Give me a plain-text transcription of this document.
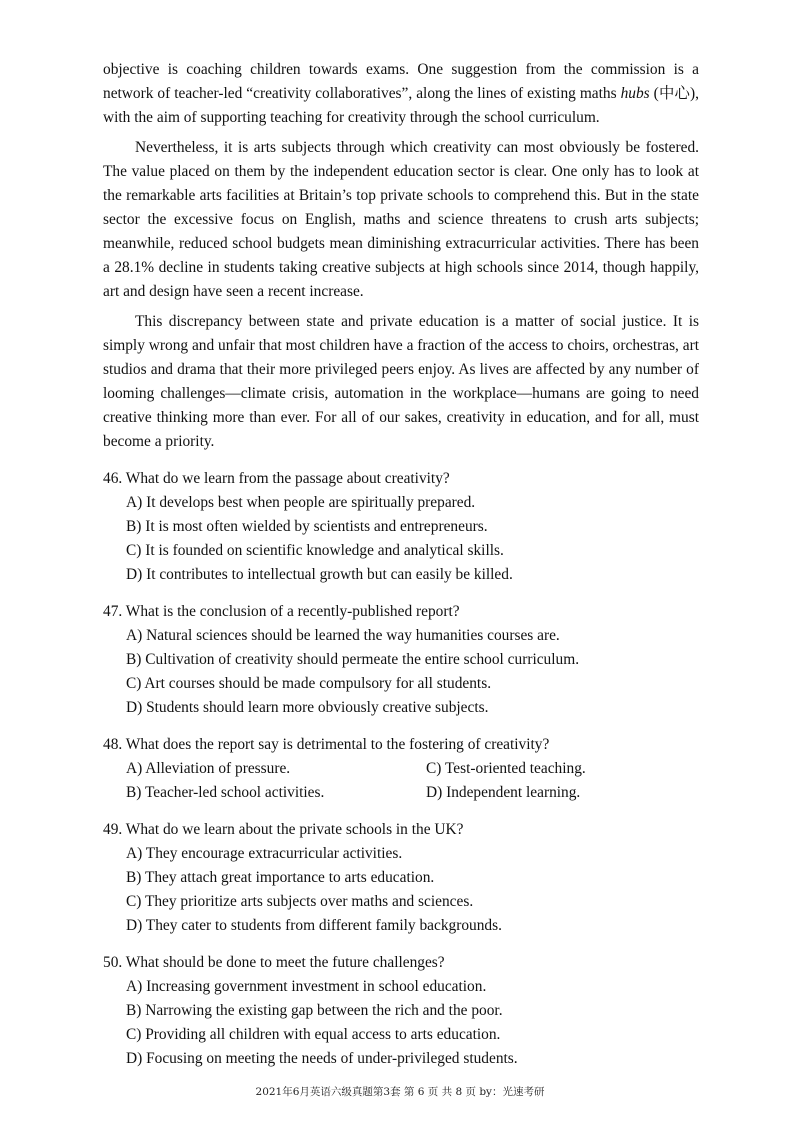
objective is coaching children towards exams. One suggestion from the commission is a network of teacher-led “creativity collaboratives”, along the lines of existing maths hubs (中心), with the aim of supporting teaching for creativity through the school curriculum.

Nevertheless, it is arts subjects through which creativity can most obviously be fostered. The value placed on them by the independent education sector is clear. One only has to look at the remarkable arts facilities at Britain’s top private schools to comprehend this. But in the state sector the excessive focus on English, maths and science threatens to crush arts subjects; meanwhile, reduced school budgets mean diminishing extracurricular activities. There has been a 28.1% decline in students taking creative subjects at high schools since 2014, though happily, art and design have seen a recent increase.

This discrepancy between state and private education is a matter of social justice. It is simply wrong and unfair that most children have a fraction of the access to choirs, orchestras, art studios and drama that their more privileged peers enjoy. As lives are affected by any number of looming challenges—climate crisis, automation in the workplace—humans are going to need creative thinking more than ever. For all of our sakes, creativity in education, and for all, must become a priority.

46. What do we learn from the passage about creativity?

A) It develops best when people are spiritually prepared.

B) It is most often wielded by scientists and entrepreneurs.

C) It is founded on scientific knowledge and analytical skills.

D) It contributes to intellectual growth but can easily be killed.

47. What is the conclusion of a recently-published report?

A) Natural sciences should be learned the way humanities courses are.

B) Cultivation of creativity should permeate the entire school curriculum.

C) Art courses should be made compulsory for all students.

D) Students should learn more obviously creative subjects.

48. What does the report say is detrimental to the fostering of creativity?

A) Alleviation of pressure.	C) Test-oriented teaching.

B) Teacher-led school activities.	D) Independent learning.

49. What do we learn about the private schools in the UK?

A) They encourage extracurricular activities.

B) They attach great importance to arts education.

C) They prioritize arts subjects over maths and sciences.

D) They cater to students from different family backgrounds.

50. What should be done to meet the future challenges?

A) Increasing government investment in school education.

B) Narrowing the existing gap between the rich and the poor.

C) Providing all children with equal access to arts education.

D) Focusing on meeting the needs of under-privileged students.

2021年6月英语六级真题第3套 第 6 页 共 8 页 by：光速考研
